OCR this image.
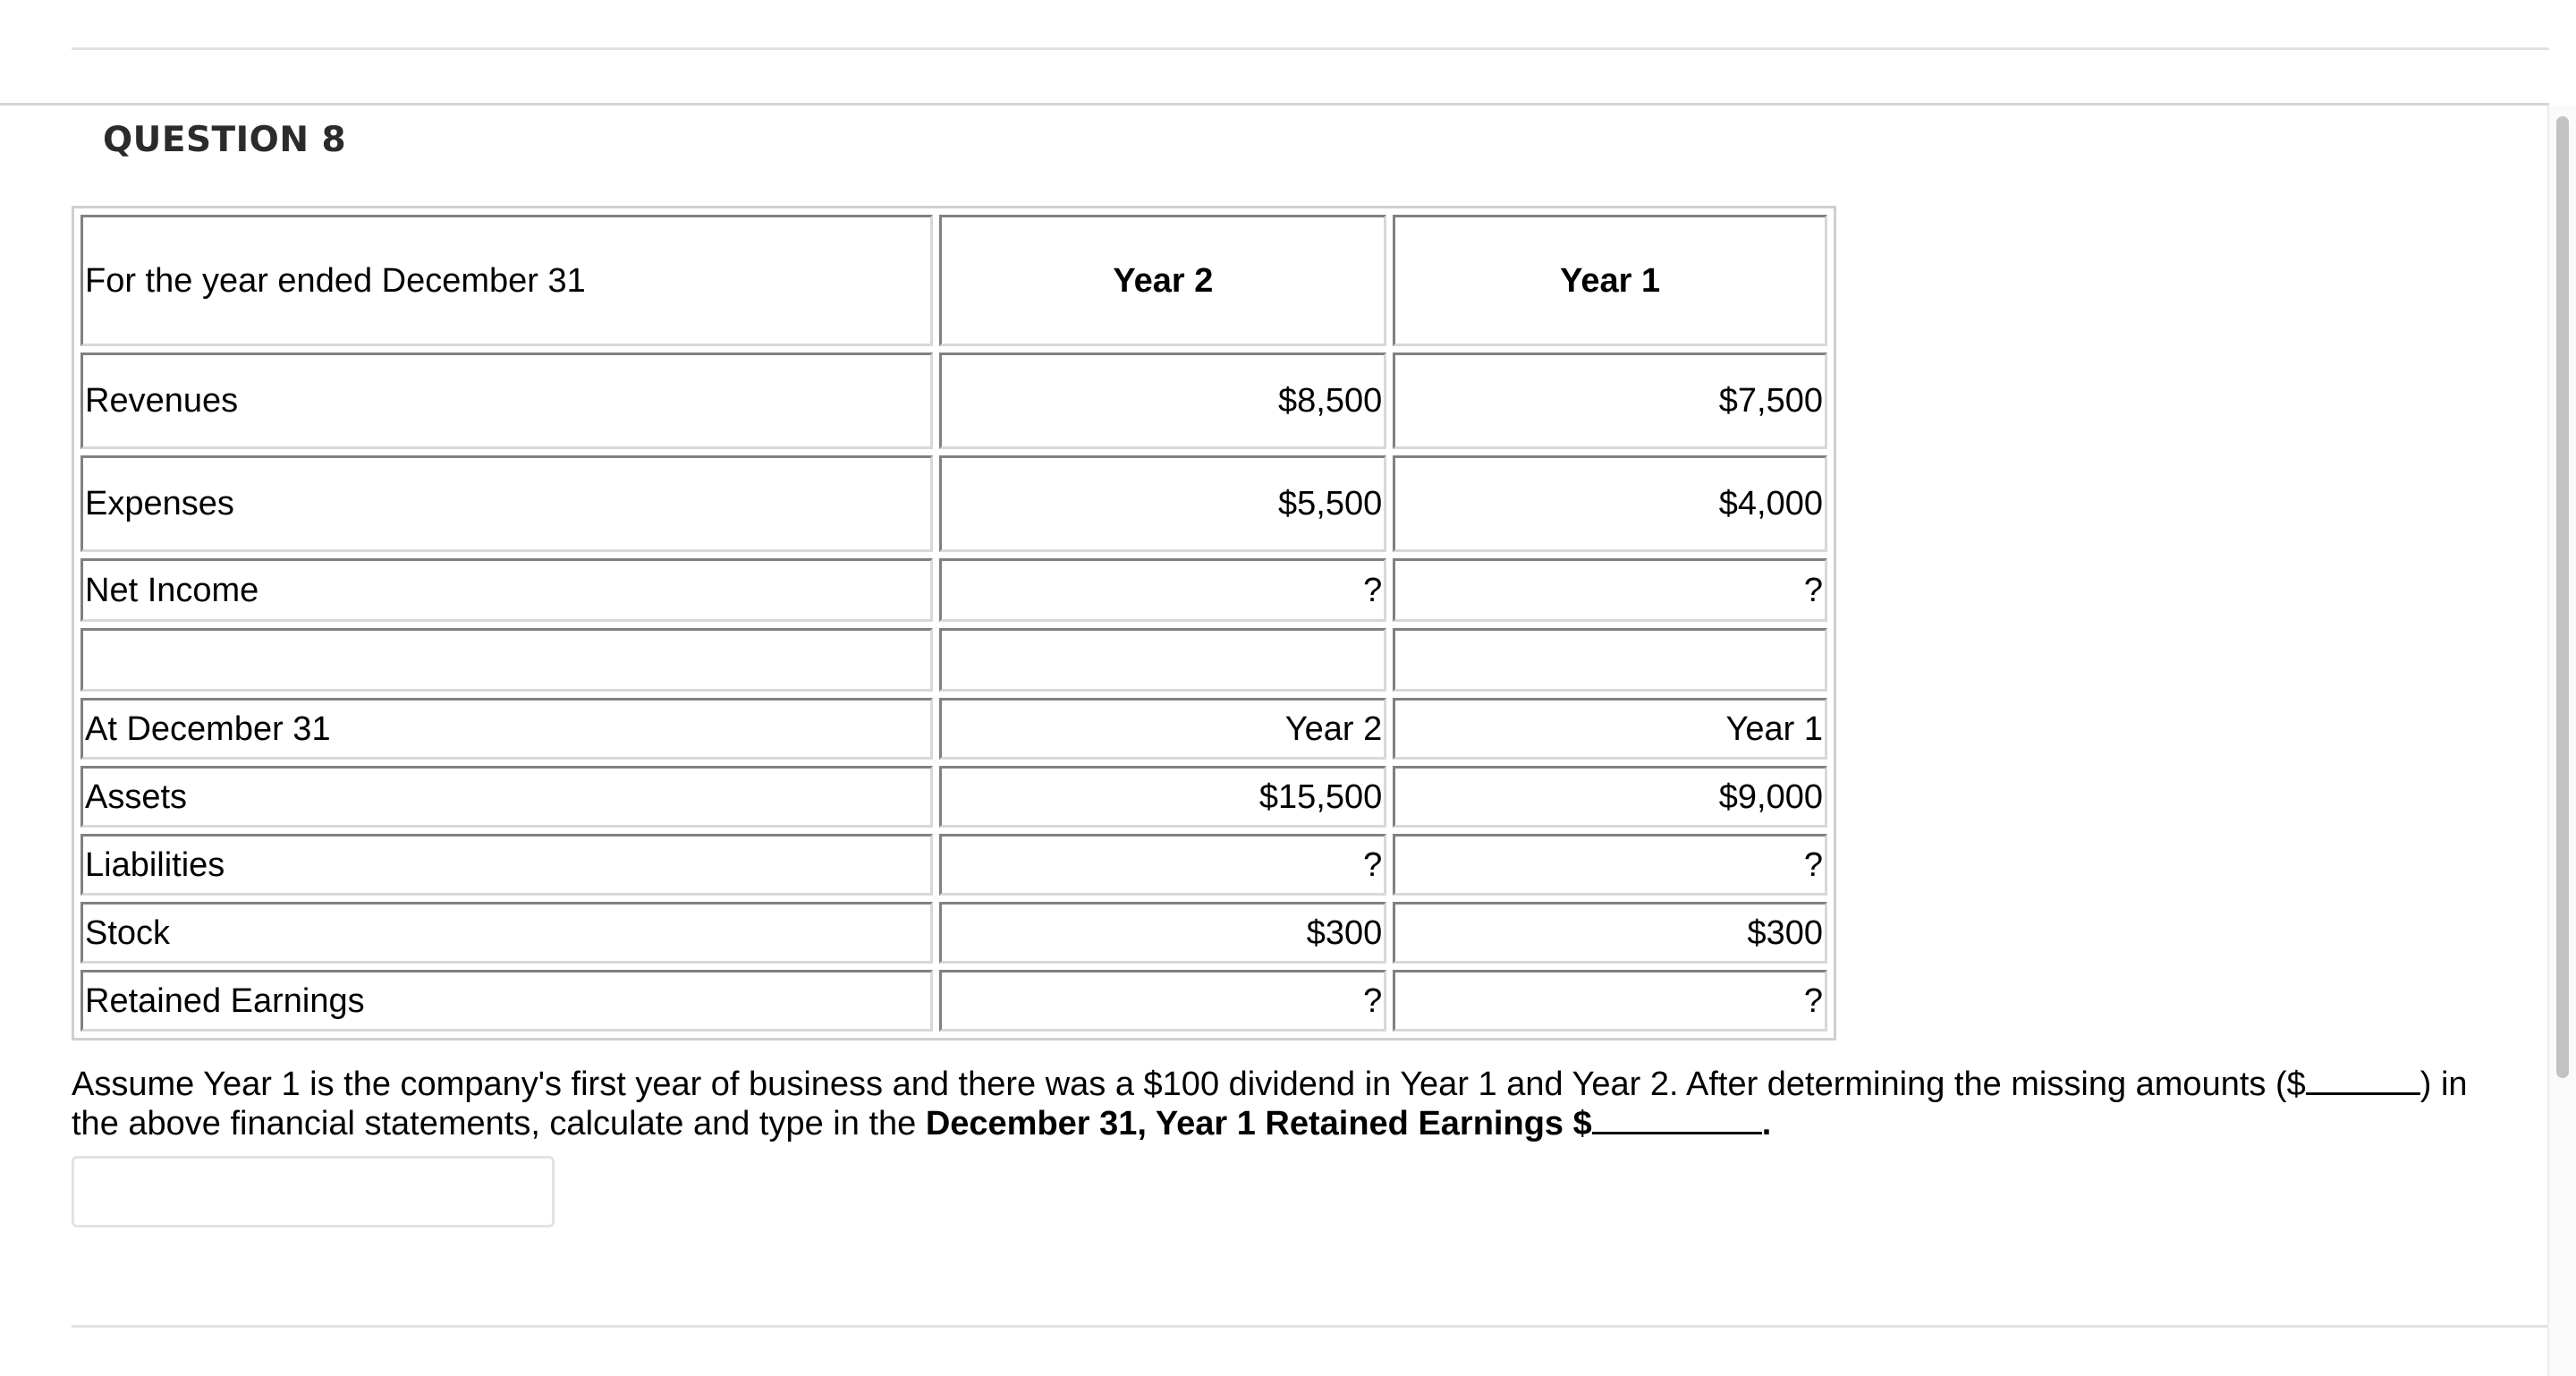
QUESTION 8
For the year ended December 31	Year 2	Year 1
Revenues	$8,500	$7,500
Expenses	$5,500	$4,000
Net Income	?	?

At December 31	Year 2	Year 1
Assets	$15,500	$9,000
Liabilities	?	?
Stock	$300	$300
Retained Earnings	?	?

Assume Year 1 is the company's first year of business and there was a $100 dividend in Year 1 and Year 2. After determining the missing amounts ($	) in the above financial statements, calculate and type in the December 31, Year 1 Retained Earnings $	.
